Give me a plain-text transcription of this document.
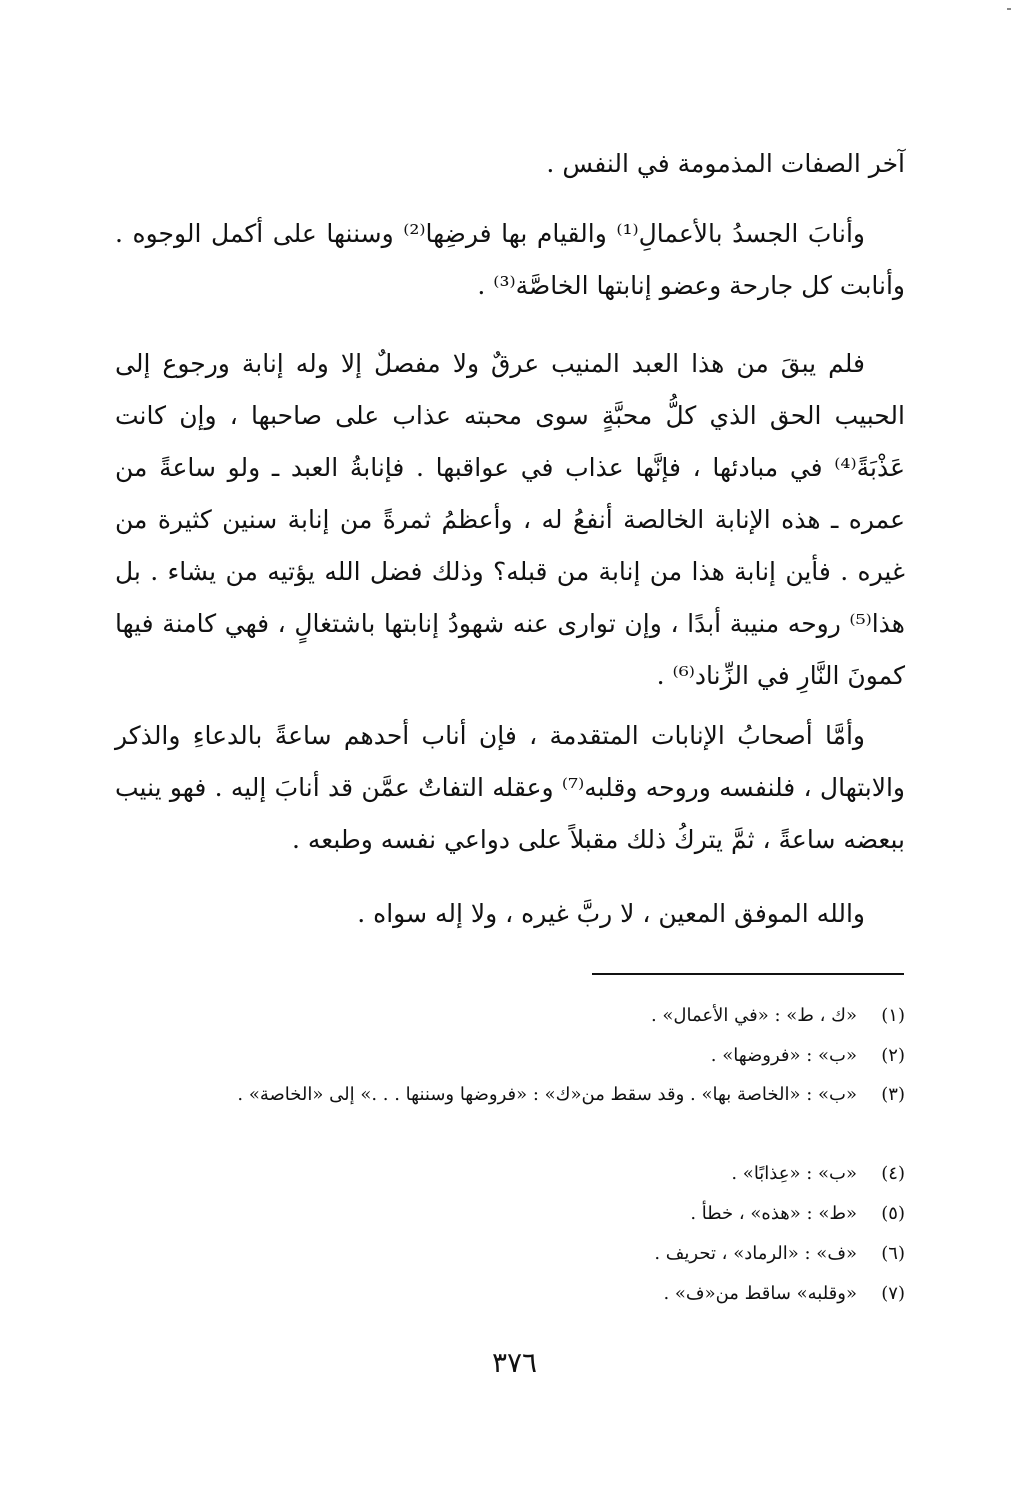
آخر الصفات المذمومة في النفس .
وأنابَ الجسدُ بالأعمالِ⁽¹⁾ والقيام بها فرضِها⁽²⁾ وسننها على أكمل الوجوه . وأنابت كل جارحة وعضو إنابتها الخاصَّة⁽³⁾ .
فلم يبقَ من هذا العبد المنيب عرقٌ ولا مفصلٌ إلا وله إنابة ورجوع إلى الحبيب الحق الذي كلُّ محبَّةٍ سوى محبته عذاب على صاحبها ، وإن كانت عَذْبَةً⁽⁴⁾ في مبادئها ، فإنَّها عذاب في عواقبها . فإنابةُ العبد ـ ولو ساعةً من عمره ـ هذه الإنابة الخالصة أنفعُ له ، وأعظمُ ثمرةً من إنابة سنين كثيرة من غيره . فأين إنابة هذا من إنابة من قبله؟ وذلك فضل الله يؤتيه من يشاء . بل هذا⁽⁵⁾ روحه منيبة أبدًا ، وإن توارى عنه شهودُ إنابتها باشتغالٍ ، فهي كامنة فيها كمونَ النَّارِ في الزِّناد⁽⁶⁾ .
وأمَّا أصحابُ الإنابات المتقدمة ، فإن أناب أحدهم ساعةً بالدعاءِ والذكر والابتهال ، فلنفسه وروحه وقلبه⁽⁷⁾ وعقله التفاتٌ عمَّن قد أنابَ إليه . فهو ينيب ببعضه ساعةً ، ثمَّ يتركُ ذلك مقبلاً على دواعي نفسه وطبعه .
والله الموفق المعين ، لا ربَّ غيره ، ولا إله سواه .
(١)
«ك ، ط» : «في الأعمال» .
(٢)
«ب» : «فروضها» .
(٣)
«ب» : «الخاصة بها» . وقد سقط من«ك» : «فروضها وسننها . . .» إلى «الخاصة» .
(٤)
«ب» : «عِذابًا» .
(٥)
«ط» : «هذه» ، خطأ .
(٦)
«ف» : «الرماد» ، تحريف .
(٧)
«وقلبه» ساقط من«ف» .
٣٧٦
